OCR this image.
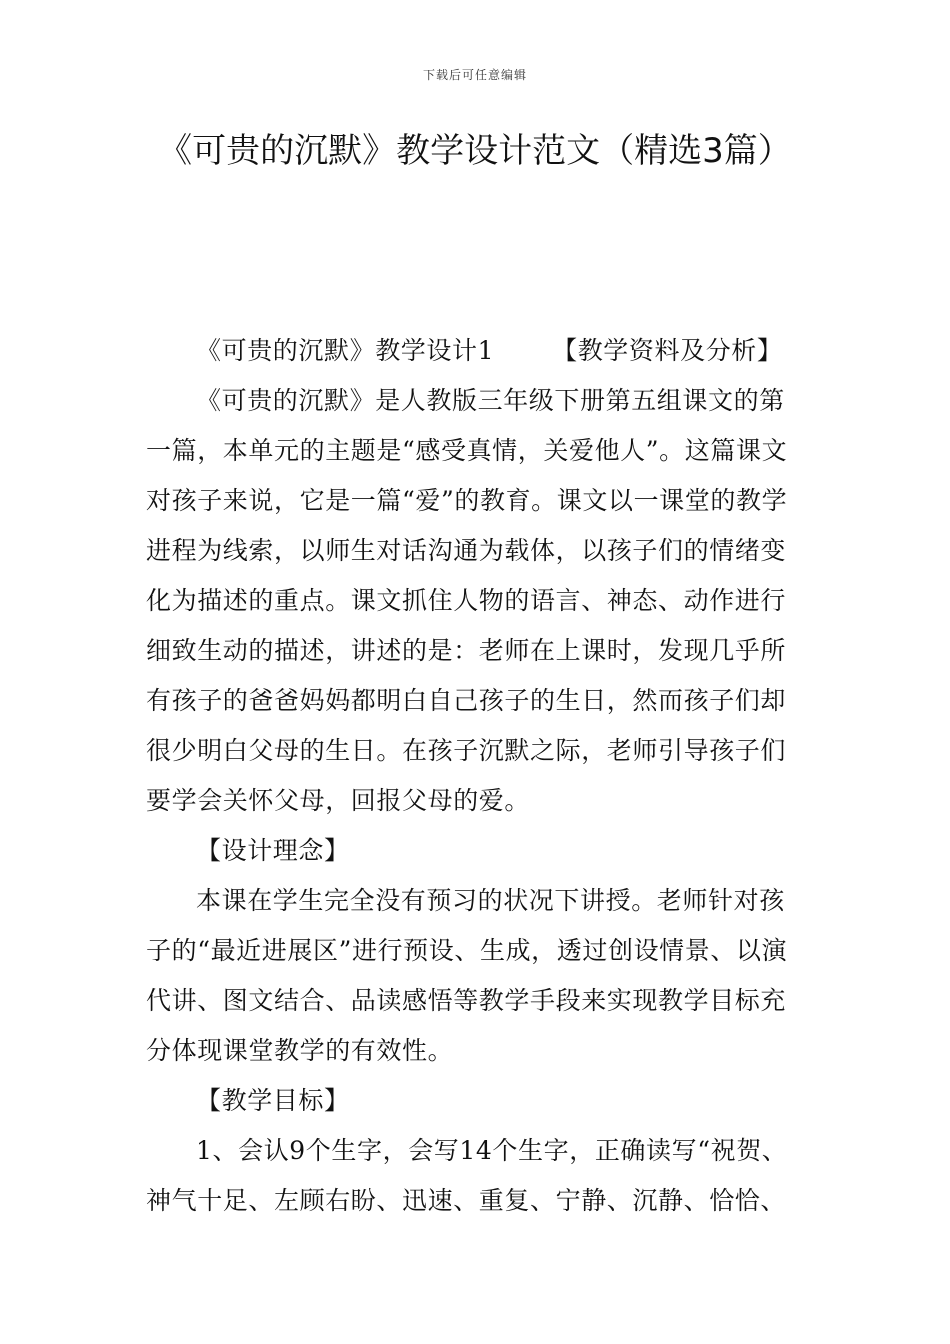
下载后可任意编辑
《可贵的沉默》教学设计范文（精选3篇）

《可贵的沉默》教学设计1 【教学资料及分析】

《可贵的沉默》是人教版三年级下册第五组课文的第一篇，本单元的主题是“感受真情，关爱他人”。这篇课文对孩子来说，它是一篇“爱”的教育。课文以一课堂的教学进程为线索，以师生对话沟通为载体，以孩子们的情绪变化为描述的重点。课文抓住人物的语言、神态、动作进行细致生动的描述，讲述的是：老师在上课时，发现几乎所有孩子的爸爸妈妈都明白自己孩子的生日，然而孩子们却很少明白父母的生日。在孩子沉默之际，老师引导孩子们要学会关怀父母，回报父母的爱。

【设计理念】

本课在学生完全没有预习的状况下讲授。老师针对孩子的“最近进展区”进行预设、生成，透过创设情景、以演代讲、图文结合、品读感悟等教学手段来实现教学目标充分体现课堂教学的有效性。

【教学目标】

1、会认9个生字，会写14个生字，正确读写“祝贺、神气十足、左顾右盼、迅速、重复、宁静、沉静、恰恰、
